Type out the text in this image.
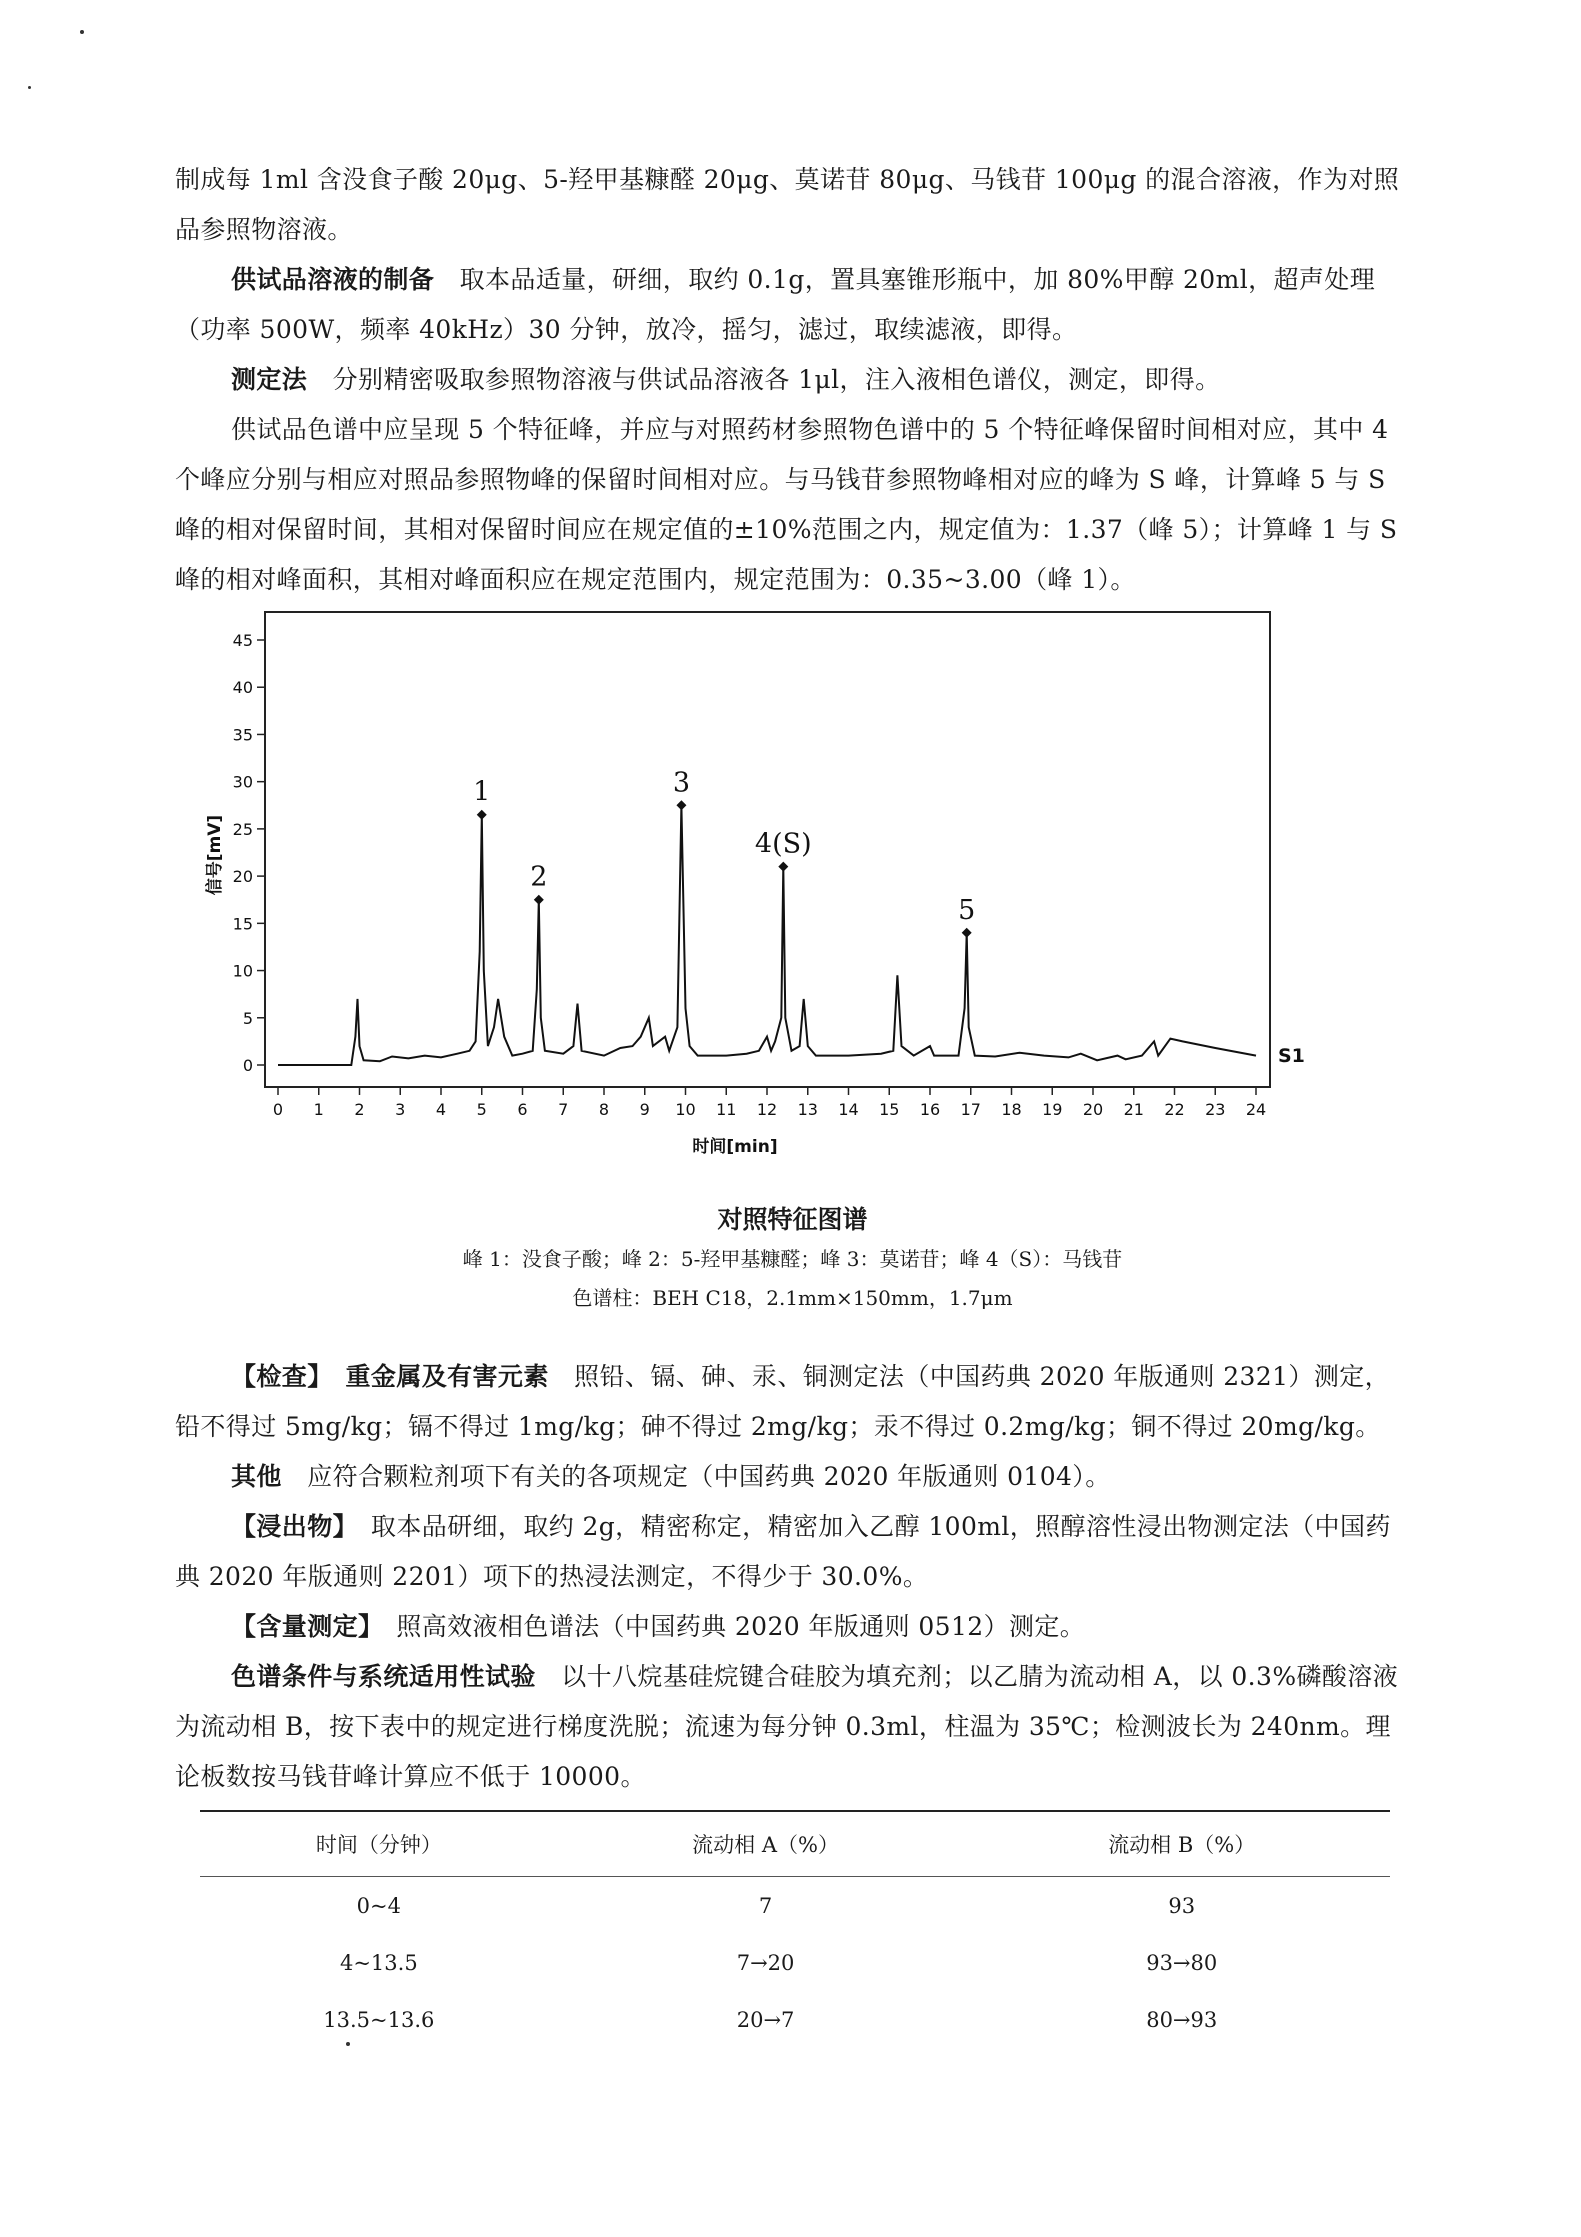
制成每 1ml 含没食子酸 20μg、5-羟甲基糠醛 20μg、莫诺苷 80μg、马钱苷 100μg 的混合溶液，作为对照品参照物溶液。

供试品溶液的制备　 取本品适量，研细，取约 0.1g，置具塞锥形瓶中，加 80%甲醇 20ml，超声处理（功率 500W，频率 40kHz）30 分钟，放冷，摇匀，滤过，取续滤液，即得。

测定法　 分别精密吸取参照物溶液与供试品溶液各 1μl，注入液相色谱仪，测定，即得。

供试品色谱中应呈现 5 个特征峰，并应与对照药材参照物色谱中的 5 个特征峰保留时间相对应，其中 4 个峰应分别与相应对照品参照物峰的保留时间相对应。与马钱苷参照物峰相对应的峰为 S 峰，计算峰 5 与 S 峰的相对保留时间，其相对保留时间应在规定值的±10%范围之内，规定值为：1.37（峰 5）；计算峰 1 与 S 峰的相对峰面积，其相对峰面积应在规定范围内，规定范围为：0.35~3.00（峰 1）。

0
5
10
15
20
25
30
35
40
45
0 1 2 3 4 5 6 7 8 9 10 11 12 13 14 15 16 17 18 19 20 21 22 23 24
1
2
3
4(S)
5
S1
时间[min]
信号[mV]
对照特征图谱
峰 1：没食子酸；峰 2：5-羟甲基糠醛；峰 3：莫诺苷；峰 4（S）：马钱苷
色谱柱：BEH C18，2.1mm×150mm，1.7μm

【检查】　 重金属及有害元素　 照铅、镉、砷、汞、铜测定法（中国药典 2020 年版通则 2321）测定，铅不得过 5mg/kg；镉不得过 1mg/kg；砷不得过 2mg/kg；汞不得过 0.2mg/kg；铜不得过 20mg/kg。

其他　 应符合颗粒剂项下有关的各项规定（中国药典 2020 年版通则 0104）。

【浸出物】　 取本品研细，取约 2g，精密称定，精密加入乙醇 100ml，照醇溶性浸出物测定法（中国药典 2020 年版通则 2201）项下的热浸法测定，不得少于 30.0%。

【含量测定】　 照高效液相色谱法（中国药典 2020 年版通则 0512）测定。

色谱条件与系统适用性试验　 以十八烷基硅烷键合硅胶为填充剂；以乙腈为流动相 A，以 0.3%磷酸溶液为流动相 B，按下表中的规定进行梯度洗脱；流速为每分钟 0.3ml，柱温为 35℃；检测波长为 240nm。理论板数按马钱苷峰计算应不低于 10000。

时间（分钟）	流动相 A（%）	流动相 B（%）
0~4	7	93
4~13.5	7→20	93→80
13.5~13.6	20→7	80→93
